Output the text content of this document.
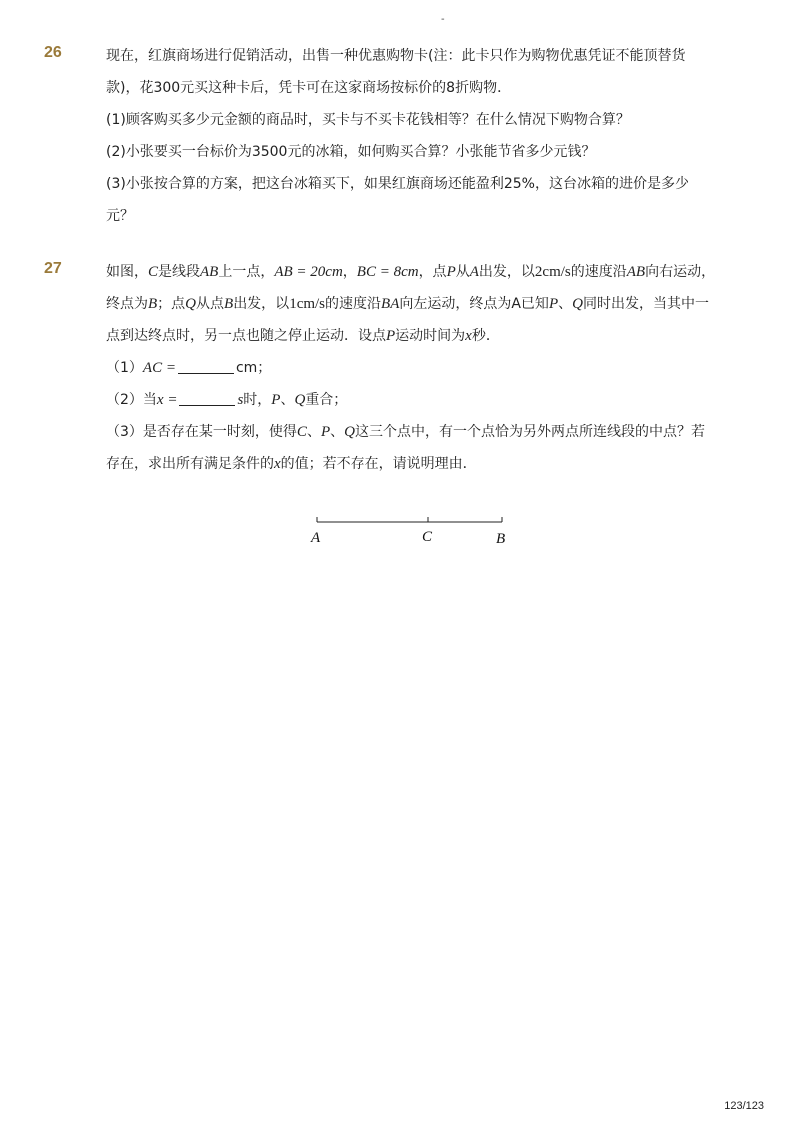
-
26	现在，红旗商场进行促销活动，出售一种优惠购物卡(注：此卡只作为购物优惠凭证不能顶替货
款)，花300元买这种卡后，凭卡可在这家商场按标价的8折购物．
(1)顾客购买多少元金额的商品时，买卡与不买卡花钱相等？在什么情况下购物合算？
(2)小张要买一台标价为3500元的冰箱，如何购买合算？小张能节省多少元钱？
(3)小张按合算的方案，把这台冰箱买下，如果红旗商场还能盈利25%，这台冰箱的进价是多少
元？
27	如图，C是线段AB上一点，AB = 20cm，BC = 8cm，点P从A出发，以2cm/s的速度沿AB向右运动，
终点为B；点Q从点B出发，以1cm/s的速度沿BA向左运动，终点为A已知P、Q同时出发，当其中一
点到达终点时，另一点也随之停止运动．设点P运动时间为x秒．
（1）AC =	cm；
（2）当x =	s时，P、Q重合；
（3）是否存在某一时刻，使得C、P、Q这三个点中，有一个点恰为另外两点所连线段的中点？若
存在，求出所有满足条件的x的值；若不存在，请说明理由．
A	C	B
123/123
